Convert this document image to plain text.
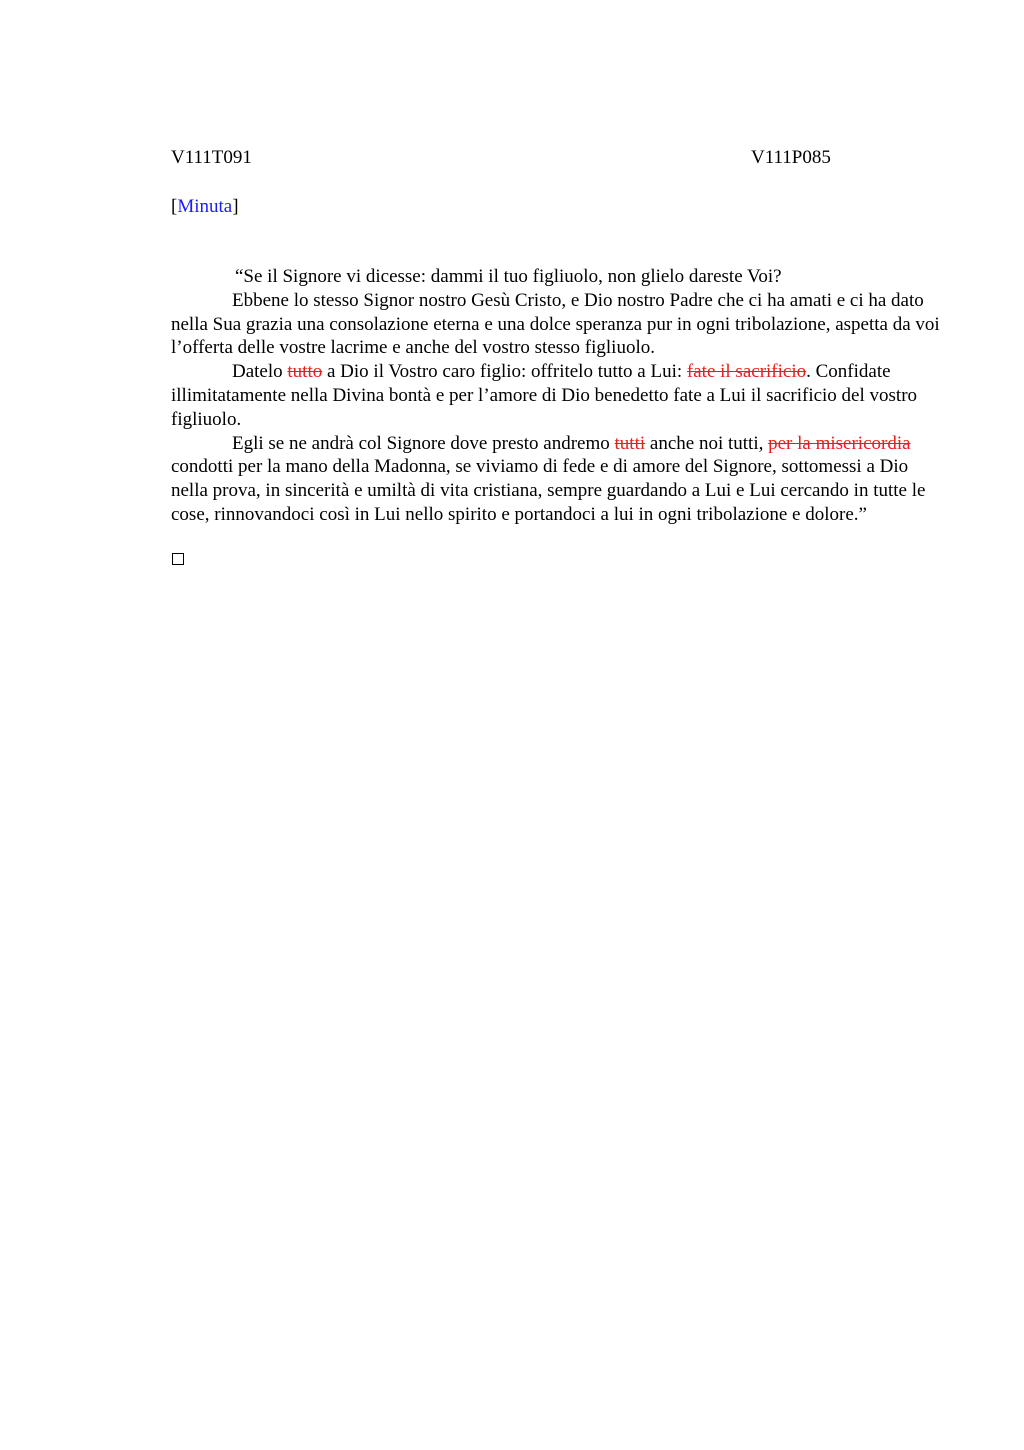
V111T091	V111P085
[Minuta]

“Se il Signore vi dicesse: dammi il tuo figliuolo, non glielo dareste Voi?

Ebbene lo stesso Signor nostro Gesù Cristo, e Dio nostro Padre che ci ha amati e ci ha dato nella Sua grazia una consolazione eterna e una dolce speranza pur in ogni tribolazione, aspetta da voi l’offerta delle vostre lacrime e anche del vostro stesso figliuolo.

Datelo tutto a Dio il Vostro caro figlio: offritelo tutto a Lui: fate il sacrificio. Confidate illimitatamente nella Divina bontà e per l’amore di Dio benedetto fate a Lui il sacrificio del vostro figliuolo.

Egli se ne andrà col Signore dove presto andremo tutti anche noi tutti, per la misericordia condotti per la mano della Madonna, se viviamo di fede e di amore del Signore, sottomessi a Dio nella prova, in sincerità e umiltà di vita cristiana, sempre guardando a Lui e Lui cercando in tutte le cose, rinnovandoci così in Lui nello spirito e portandoci a lui in ogni tribolazione e dolore.”
